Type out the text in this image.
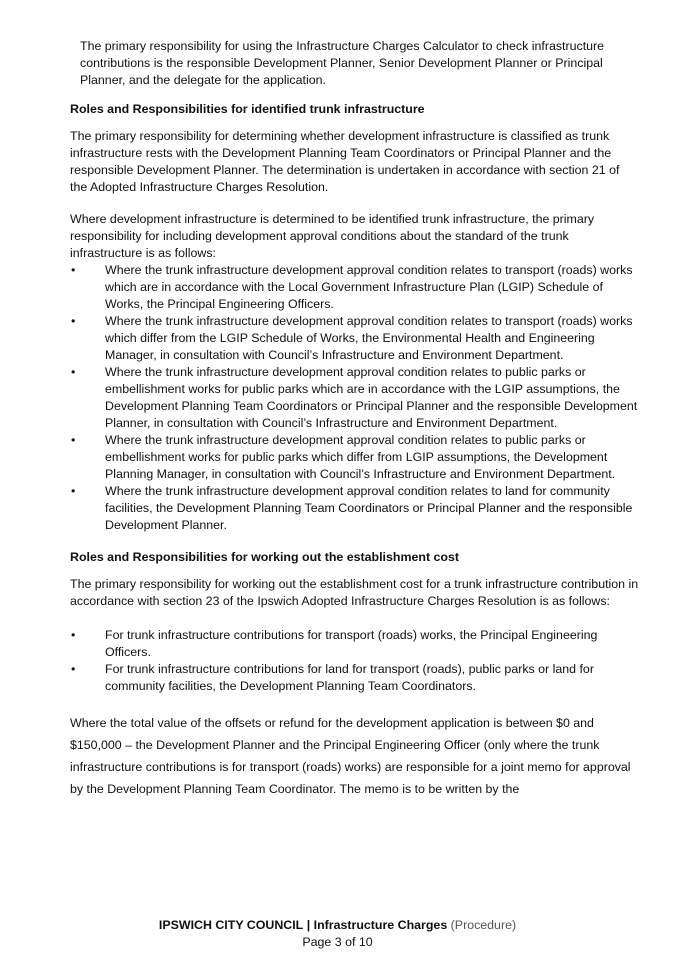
The primary responsibility for using the Infrastructure Charges Calculator to check infrastructure contributions is the responsible Development Planner, Senior Development Planner or Principal Planner, and the delegate for the application.

Roles and Responsibilities for identified trunk infrastructure

The primary responsibility for determining whether development infrastructure is classified as trunk infrastructure rests with the Development Planning Team Coordinators or Principal Planner and the responsible Development Planner. The determination is undertaken in accordance with section 21 of the Adopted Infrastructure Charges Resolution.

Where development infrastructure is determined to be identified trunk infrastructure, the primary responsibility for including development approval conditions about the standard of the trunk infrastructure is as follows:

• Where the trunk infrastructure development approval condition relates to transport (roads) works which are in accordance with the Local Government Infrastructure Plan (LGIP) Schedule of Works, the Principal Engineering Officers.
• Where the trunk infrastructure development approval condition relates to transport (roads) works which differ from the LGIP Schedule of Works, the Environmental Health and Engineering Manager, in consultation with Council’s Infrastructure and Environment Department.
• Where the trunk infrastructure development approval condition relates to public parks or embellishment works for public parks which are in accordance with the LGIP assumptions, the Development Planning Team Coordinators or Principal Planner and the responsible Development Planner, in consultation with Council’s Infrastructure and Environment Department.
• Where the trunk infrastructure development approval condition relates to public parks or embellishment works for public parks which differ from LGIP assumptions, the Development Planning Manager, in consultation with Council’s Infrastructure and Environment Department.
• Where the trunk infrastructure development approval condition relates to land for community facilities, the Development Planning Team Coordinators or Principal Planner and the responsible Development Planner.

Roles and Responsibilities for working out the establishment cost

The primary responsibility for working out the establishment cost for a trunk infrastructure contribution in accordance with section 23 of the Ipswich Adopted Infrastructure Charges Resolution is as follows:

• For trunk infrastructure contributions for transport (roads) works, the Principal Engineering Officers.
• For trunk infrastructure contributions for land for transport (roads), public parks or land for community facilities, the Development Planning Team Coordinators.

Where the total value of the offsets or refund for the development application is between $0 and $150,000 – the Development Planner and the Principal Engineering Officer (only where the trunk infrastructure contributions is for transport (roads) works) are responsible for a joint memo for approval by the Development Planning Team Coordinator. The memo is to be written by the

IPSWICH CITY COUNCIL | Infrastructure Charges (Procedure)
Page 3 of 10
